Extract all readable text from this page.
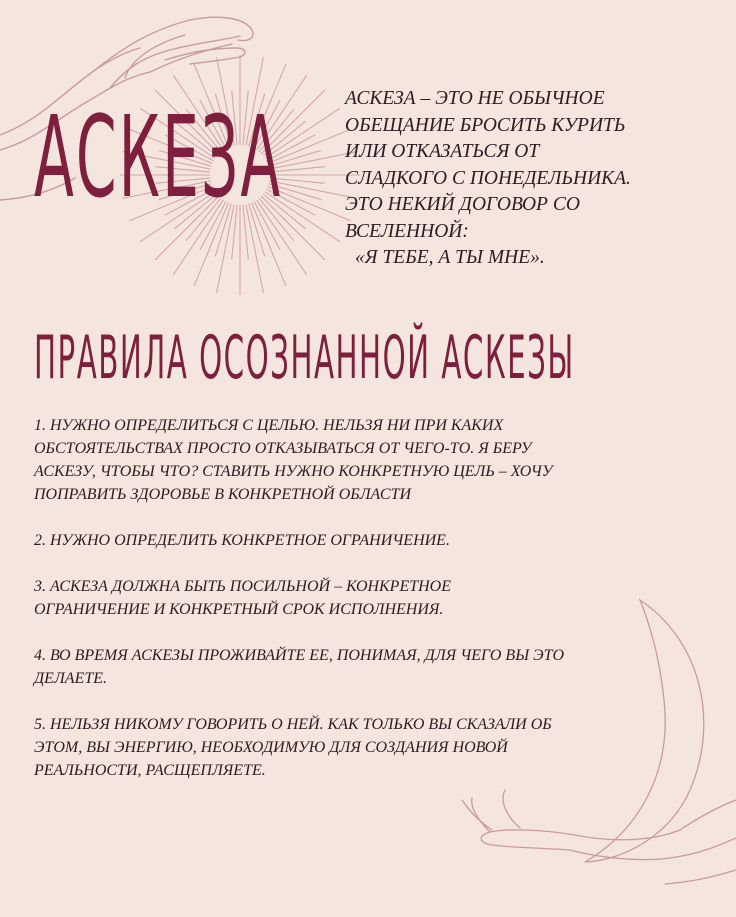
АСКЕЗА	АСКЕЗА – ЭТО НЕ ОБЫЧНОЕ
ОБЕЩАНИЕ БРОСИТЬ КУРИТЬ
ИЛИ ОТКАЗАТЬСЯ ОТ
СЛАДКОГО С ПОНЕДЕЛЬНИКА.
ЭТО НЕКИЙ ДОГОВОР СО
ВСЕЛЕННОЙ:
«Я ТЕБЕ, А ТЫ МНЕ».
ПРАВИЛА ОСОЗНАННОЙ АСКЕЗЫ
1. НУЖНО ОПРЕДЕЛИТЬСЯ С ЦЕЛЬЮ. НЕЛЬЗЯ НИ ПРИ КАКИХ
ОБСТОЯТЕЛЬСТВАХ ПРОСТО ОТКАЗЫВАТЬСЯ ОТ ЧЕГО-ТО. Я БЕРУ
АСКЕЗУ, ЧТОБЫ ЧТО? СТАВИТЬ НУЖНО КОНКРЕТНУЮ ЦЕЛЬ – ХОЧУ
ПОПРАВИТЬ ЗДОРОВЬЕ В КОНКРЕТНОЙ ОБЛАСТИ
2. НУЖНО ОПРЕДЕЛИТЬ КОНКРЕТНОЕ ОГРАНИЧЕНИЕ.
3. АСКЕЗА ДОЛЖНА БЫТЬ ПОСИЛЬНОЙ – КОНКРЕТНОЕ
ОГРАНИЧЕНИЕ И КОНКРЕТНЫЙ СРОК ИСПОЛНЕНИЯ.
4. ВО ВРЕМЯ АСКЕЗЫ ПРОЖИВАЙТЕ ЕЕ, ПОНИМАЯ, ДЛЯ ЧЕГО ВЫ ЭТО
ДЕЛАЕТЕ.
5. НЕЛЬЗЯ НИКОМУ ГОВОРИТЬ О НЕЙ. КАК ТОЛЬКО ВЫ СКАЗАЛИ ОБ
ЭТОМ, ВЫ ЭНЕРГИЮ, НЕОБХОДИМУЮ ДЛЯ СОЗДАНИЯ НОВОЙ
РЕАЛЬНОСТИ, РАСЩЕПЛЯЕТЕ.
